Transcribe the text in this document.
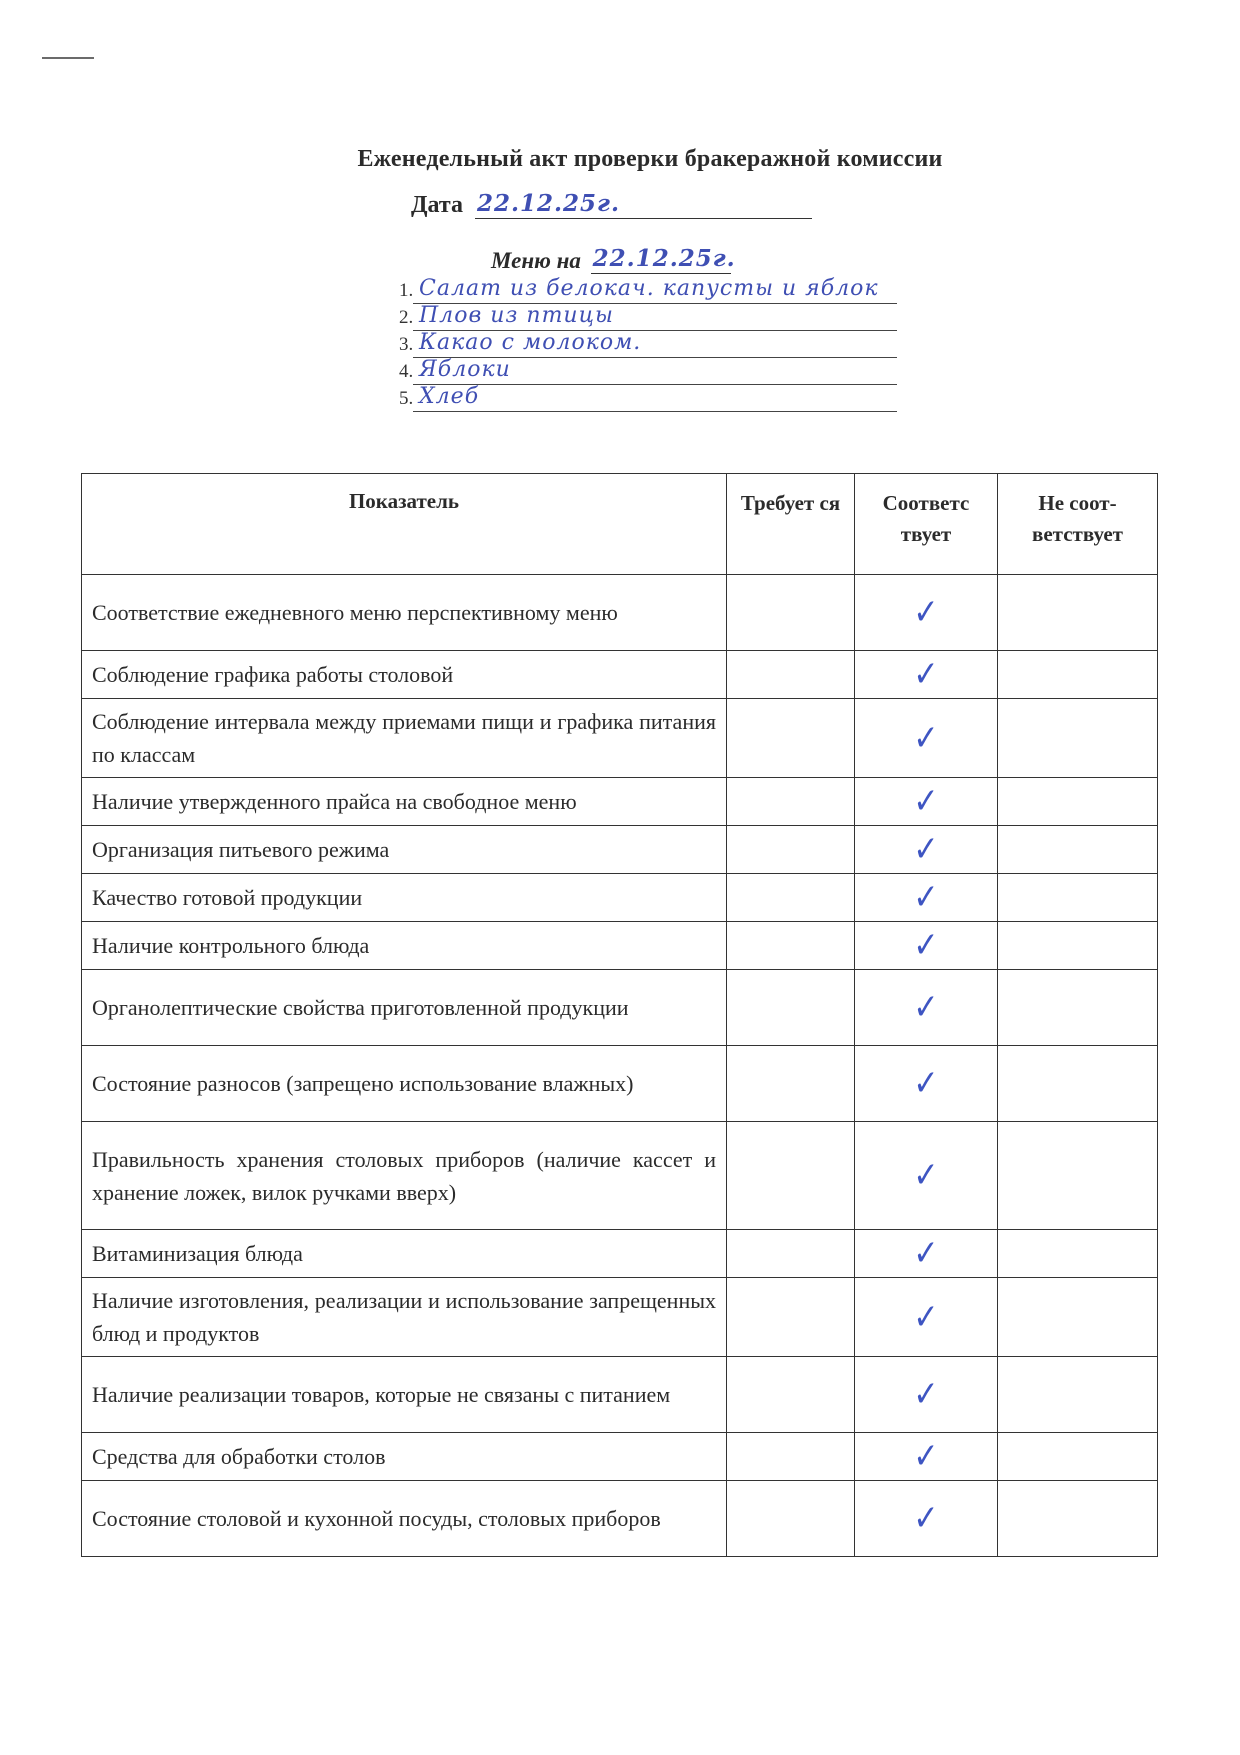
Еженедельный акт проверки бракеражной комиссии
Дата 22.12.25г.
Меню на 22.12.25г.
1. Салат из белокач. капусты и яблок
2. Плов из птицы
3. Какао с молоком.
4. Яблоки
5. Хлеб
Показатель	Требует ся	Соответс твует	Не соот- ветствует
Соответствие ежедневного меню перспективному меню		✓	
Соблюдение графика работы столовой		✓	
Соблюдение интервала между приемами пищи и графика питания по классам		✓	
Наличие утвержденного прайса на свободное меню		✓	
Организация питьевого режима		✓	
Качество готовой продукции		✓	
Наличие контрольного блюда		✓	
Органолептические свойства приготовленной продукции		✓	
Состояние разносов (запрещено использование влажных)		✓	
Правильность хранения столовых приборов (наличие кассет и хранение ложек, вилок ручками вверх)		✓	
Витаминизация блюда		✓	
Наличие изготовления, реализации и использование запрещенных блюд и продуктов		✓	
Наличие реализации товаров, которые не связаны с питанием		✓	
Средства для обработки столов		✓	
Состояние столовой и кухонной посуды, столовых приборов		✓	
